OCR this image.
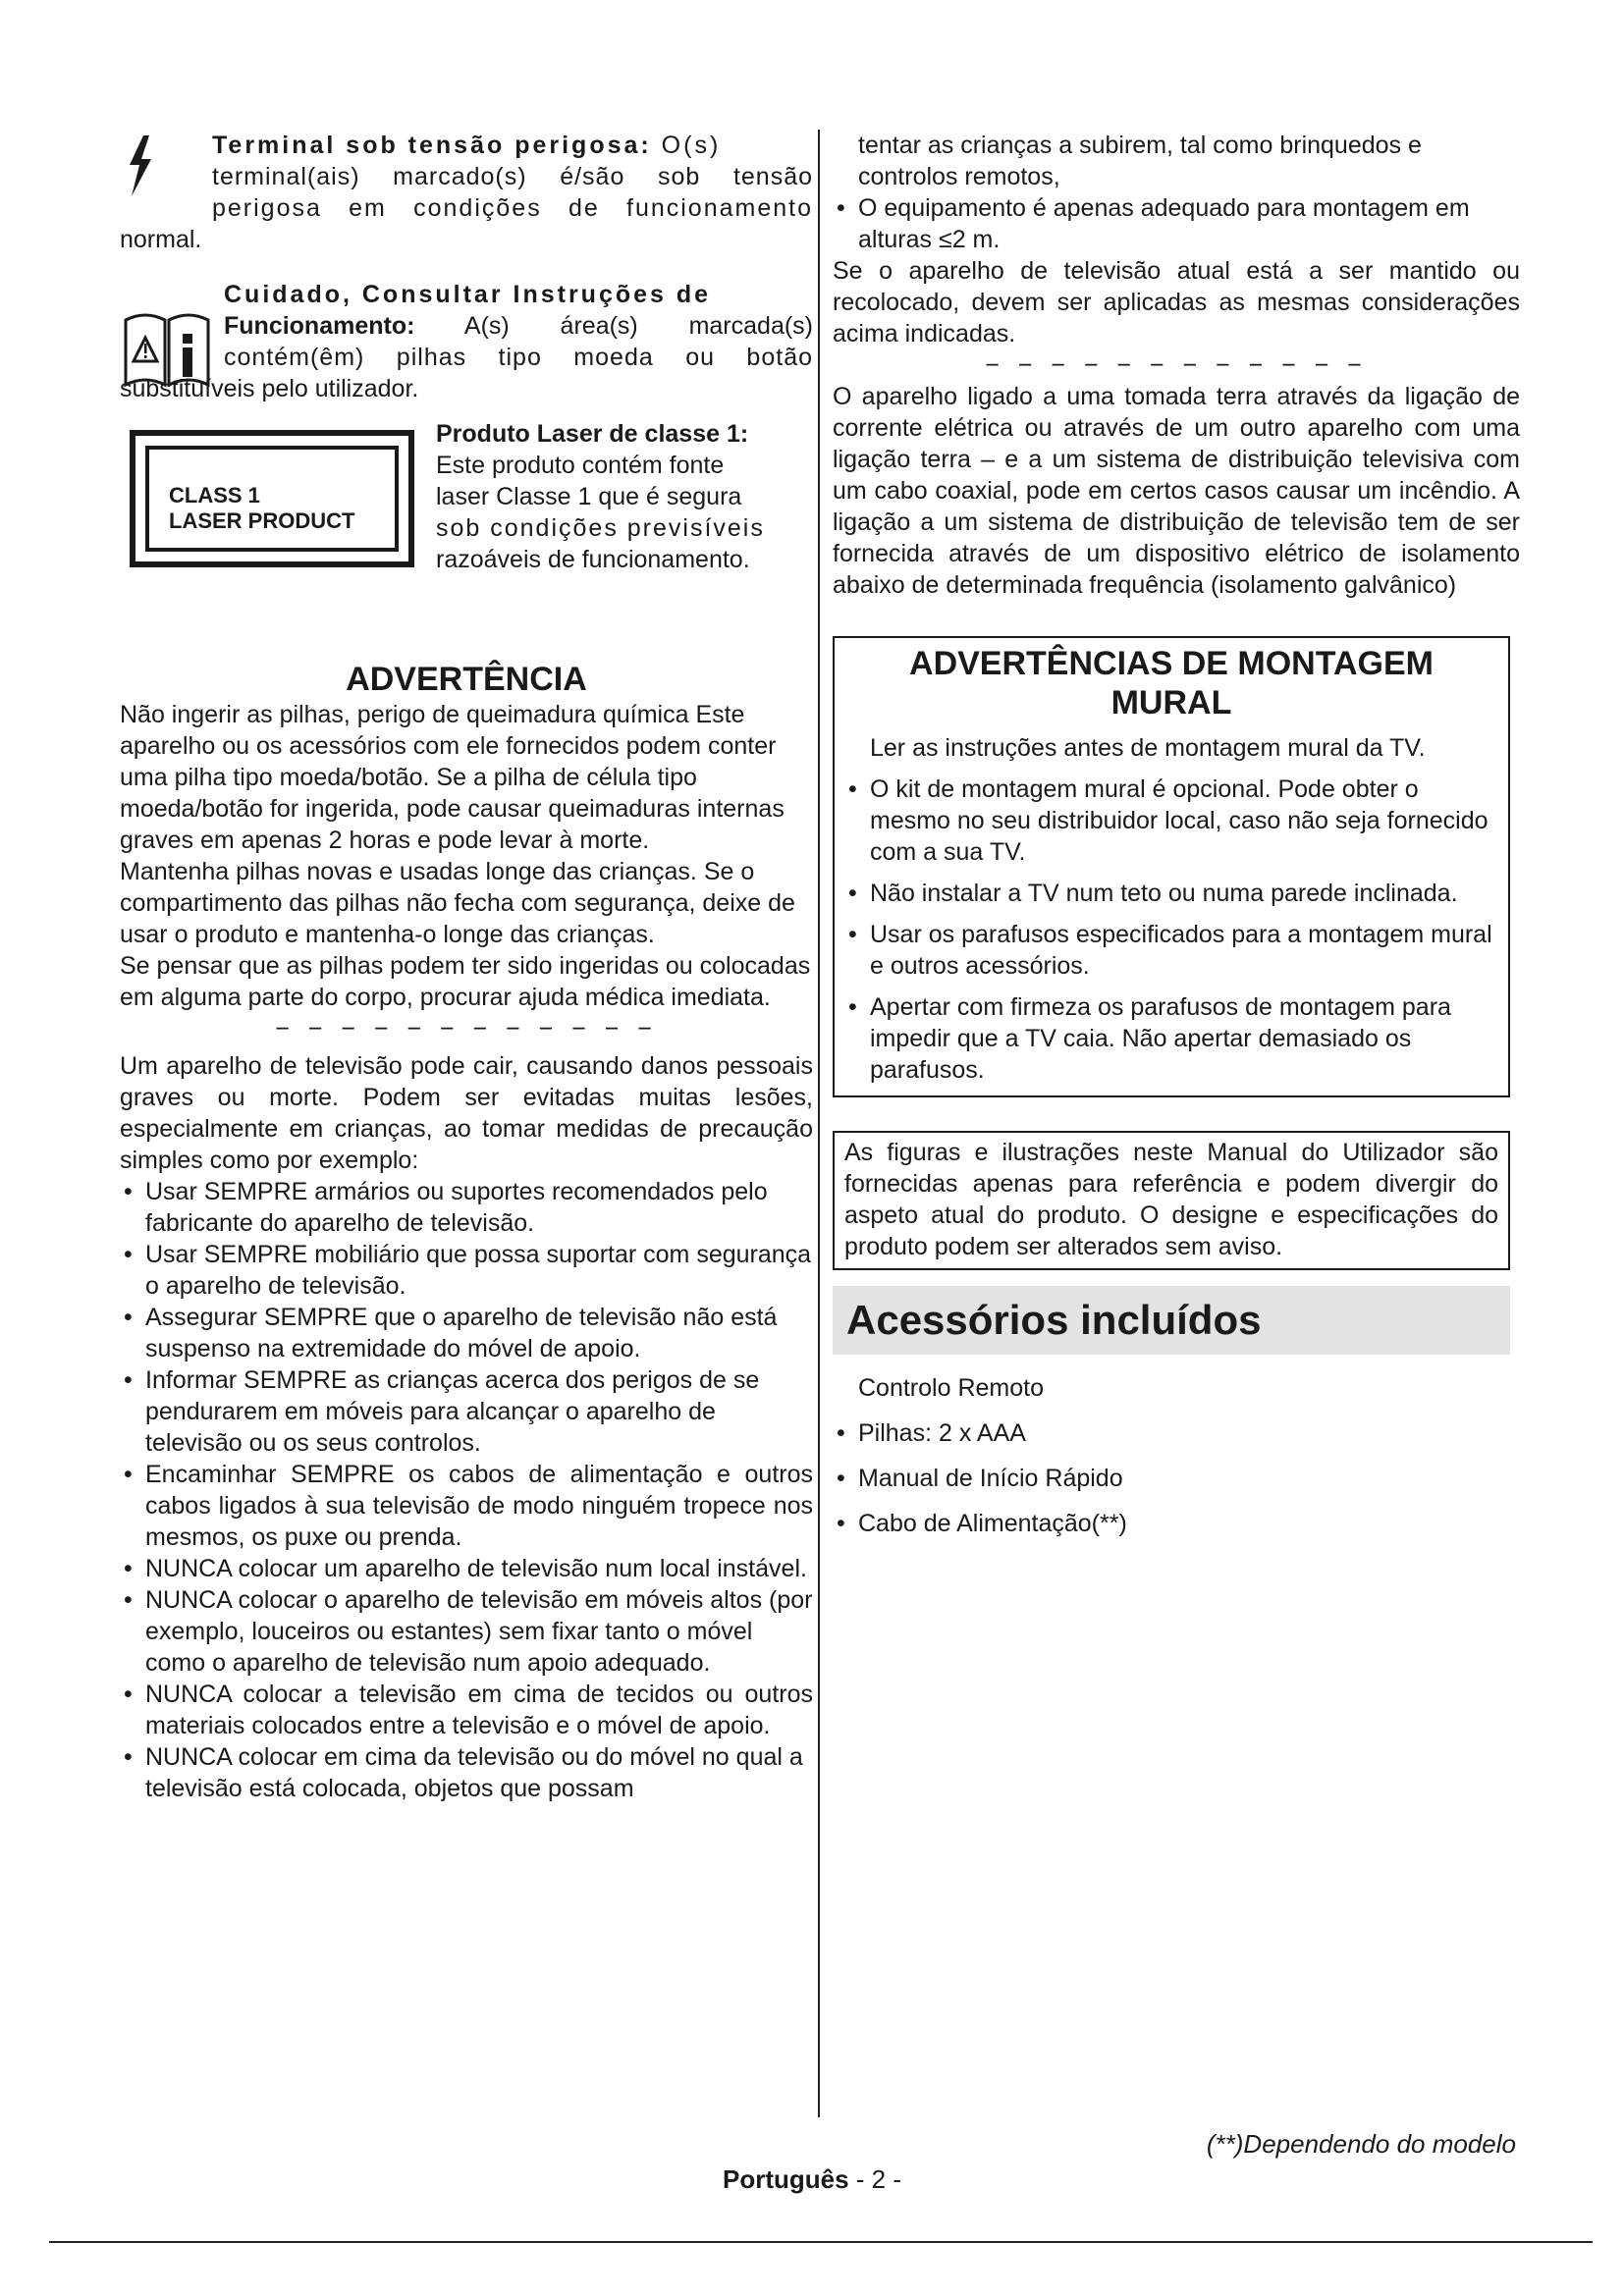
Terminal sob tensão perigosa: O(s)

terminal(ais) marcado(s) é/são sob tensão

perigosa em condições de funcionamento

normal.

Cuidado, Consultar Instruções de

Funcionamento: A(s) área(s) marcada(s)

contém(êm) pilhas tipo moeda ou botão

substituíveis pelo utilizador.

CLASS 1
LASER PRODUCT

Produto Laser de classe 1:

Este produto contém fonte

laser Classe 1 que é segura

sob condições previsíveis

razoáveis de funcionamento.

ADVERTÊNCIA

Não ingerir as pilhas, perigo de queimadura química Este aparelho ou os acessórios com ele fornecidos podem conter uma pilha tipo moeda/botão. Se a pilha de célula tipo moeda/botão for ingerida, pode causar queimaduras internas graves em apenas 2 horas e pode levar à morte.

Mantenha pilhas novas e usadas longe das crianças. Se o compartimento das pilhas não fecha com segurança, deixe de usar o produto e mantenha-o longe das crianças.

Se pensar que as pilhas podem ter sido ingeridas ou colocadas em alguma parte do corpo, procurar ajuda médica imediata.

− − − − − − − − − − − −

Um aparelho de televisão pode cair, causando danos pessoais graves ou morte. Podem ser evitadas muitas lesões, especialmente em crianças, ao tomar medidas de precaução simples como por exemplo:

• Usar SEMPRE armários ou suportes recomendados pelo fabricante do aparelho de televisão.
• Usar SEMPRE mobiliário que possa suportar com segurança o aparelho de televisão.
• Assegurar SEMPRE que o aparelho de televisão não está suspenso na extremidade do móvel de apoio.
• Informar SEMPRE as crianças acerca dos perigos de se pendurarem em móveis para alcançar o aparelho de televisão ou os seus controlos.
• Encaminhar SEMPRE os cabos de alimentação e outros cabos ligados à sua televisão de modo ninguém tropece nos mesmos, os puxe ou prenda.
• NUNCA colocar um aparelho de televisão num local instável.
• NUNCA colocar o aparelho de televisão em móveis altos (por exemplo, louceiros ou estantes) sem fixar tanto o móvel como o aparelho de televisão num apoio adequado.
• NUNCA colocar a televisão em cima de tecidos ou outros materiais colocados entre a televisão e o móvel de apoio.
• NUNCA colocar em cima da televisão ou do móvel no qual a televisão está colocada, objetos que possam
tentar as crianças a subirem, tal como brinquedos e controlos remotos,
• O equipamento é apenas adequado para montagem em alturas ≤2 m.

Se o aparelho de televisão atual está a ser mantido ou recolocado, devem ser aplicadas as mesmas considerações acima indicadas.

− − − − − − − − − − − −

O aparelho ligado a uma tomada terra através da ligação de corrente elétrica ou através de um outro aparelho com uma ligação terra – e a um sistema de distribuição televisiva com um cabo coaxial, pode em certos casos causar um incêndio. A ligação a um sistema de distribuição de televisão tem de ser fornecida através de um dispositivo elétrico de isolamento abaixo de determinada frequência (isolamento galvânico)

ADVERTÊNCIAS DE MONTAGEM MURAL
Ler as instruções antes de montagem mural da TV.
• O kit de montagem mural é opcional. Pode obter o mesmo no seu distribuidor local, caso não seja fornecido com a sua TV.
• Não instalar a TV num teto ou numa parede inclinada.
• Usar os parafusos especificados para a montagem mural e outros acessórios.
• Apertar com firmeza os parafusos de montagem para impedir que a TV caia. Não apertar demasiado os parafusos.

As figuras e ilustrações neste Manual do Utilizador são fornecidas apenas para referência e podem divergir do aspeto atual do produto. O designe e especificações do produto podem ser alterados sem aviso.

Acessórios incluídos
Controlo Remoto
• Pilhas: 2 x AAA
• Manual de Início Rápido
• Cabo de Alimentação(**)
(**)Dependendo do modelo
Português - 2 -
